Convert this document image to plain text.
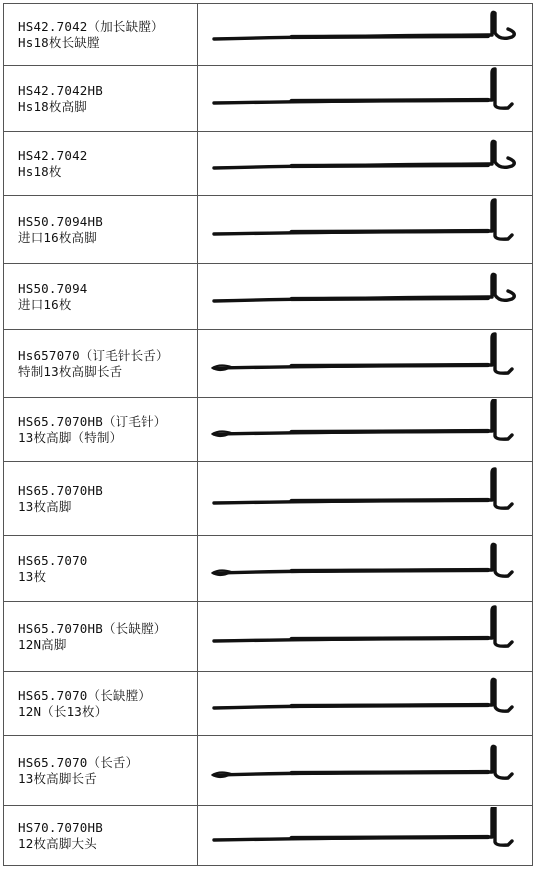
HS42.7042（加长缺膛）
Hs18枚长缺膛

HS42.7042HB
Hs18枚高脚

HS42.7042
Hs18枚

HS50.7094HB
进口16枚高脚

HS50.7094
进口16枚

Hs657070（订毛针长舌）
特制13枚高脚长舌

HS65.7070HB（订毛针）
13枚高脚（特制）

HS65.7070HB
13枚高脚

HS65.7070
13枚

HS65.7070HB（长缺膛）
12N高脚

HS65.7070（长缺膛）
12N（长13枚）

HS65.7070（长舌）
13枚高脚长舌

HS70.7070HB
12枚高脚大头
